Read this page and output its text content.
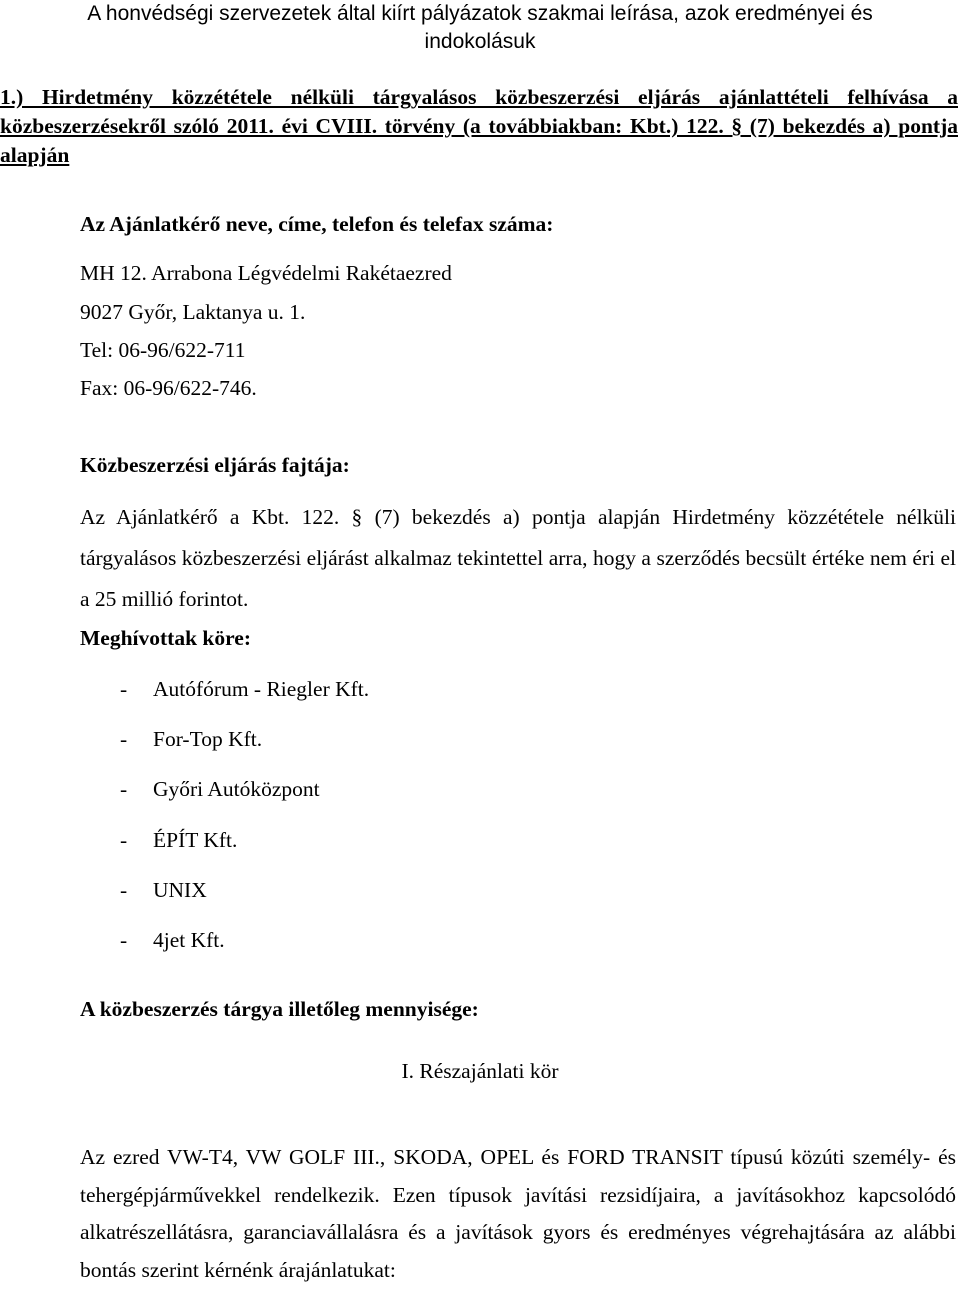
A honvédségi szervezetek által kiírt pályázatok szakmai leírása, azok eredményei és
indokolásuk
1.) Hirdetmény közzététele nélküli tárgyalásos közbeszerzési eljárás ajánlattételi felhívása a közbeszerzésekről szóló 2011. évi CVIII. törvény (a továbbiakban: Kbt.) 122. § (7) bekezdés a) pontja alapján
Az Ajánlatkérő neve, címe, telefon és telefax száma:
MH 12. Arrabona Légvédelmi Rakétaezred
9027 Győr, Laktanya u. 1.
Tel: 06-96/622-711
Fax: 06-96/622-746.
Közbeszerzési eljárás fajtája:
Az Ajánlatkérő a Kbt. 122. § (7) bekezdés a) pontja alapján Hirdetmény közzététele nélküli tárgyalásos közbeszerzési eljárást alkalmaz tekintettel arra, hogy a szerződés becsült értéke nem éri el a 25 millió forintot.
Meghívottak köre:
- Autófórum - Riegler Kft.
- For-Top Kft.
- Győri Autóközpont
- ÉPÍT Kft.
- UNIX
- 4jet Kft.
A közbeszerzés tárgya illetőleg mennyisége:
I. Részajánlati kör
Az ezred VW-T4, VW GOLF III., SKODA, OPEL és FORD TRANSIT típusú közúti személy- és tehergépjárművekkel rendelkezik. Ezen típusok javítási rezsidíjaira, a javításokhoz kapcsolódó alkatrészellátásra, garanciavállalásra és a javítások gyors és eredményes végrehajtására az alábbi bontás szerint kérnénk árajánlatukat:
